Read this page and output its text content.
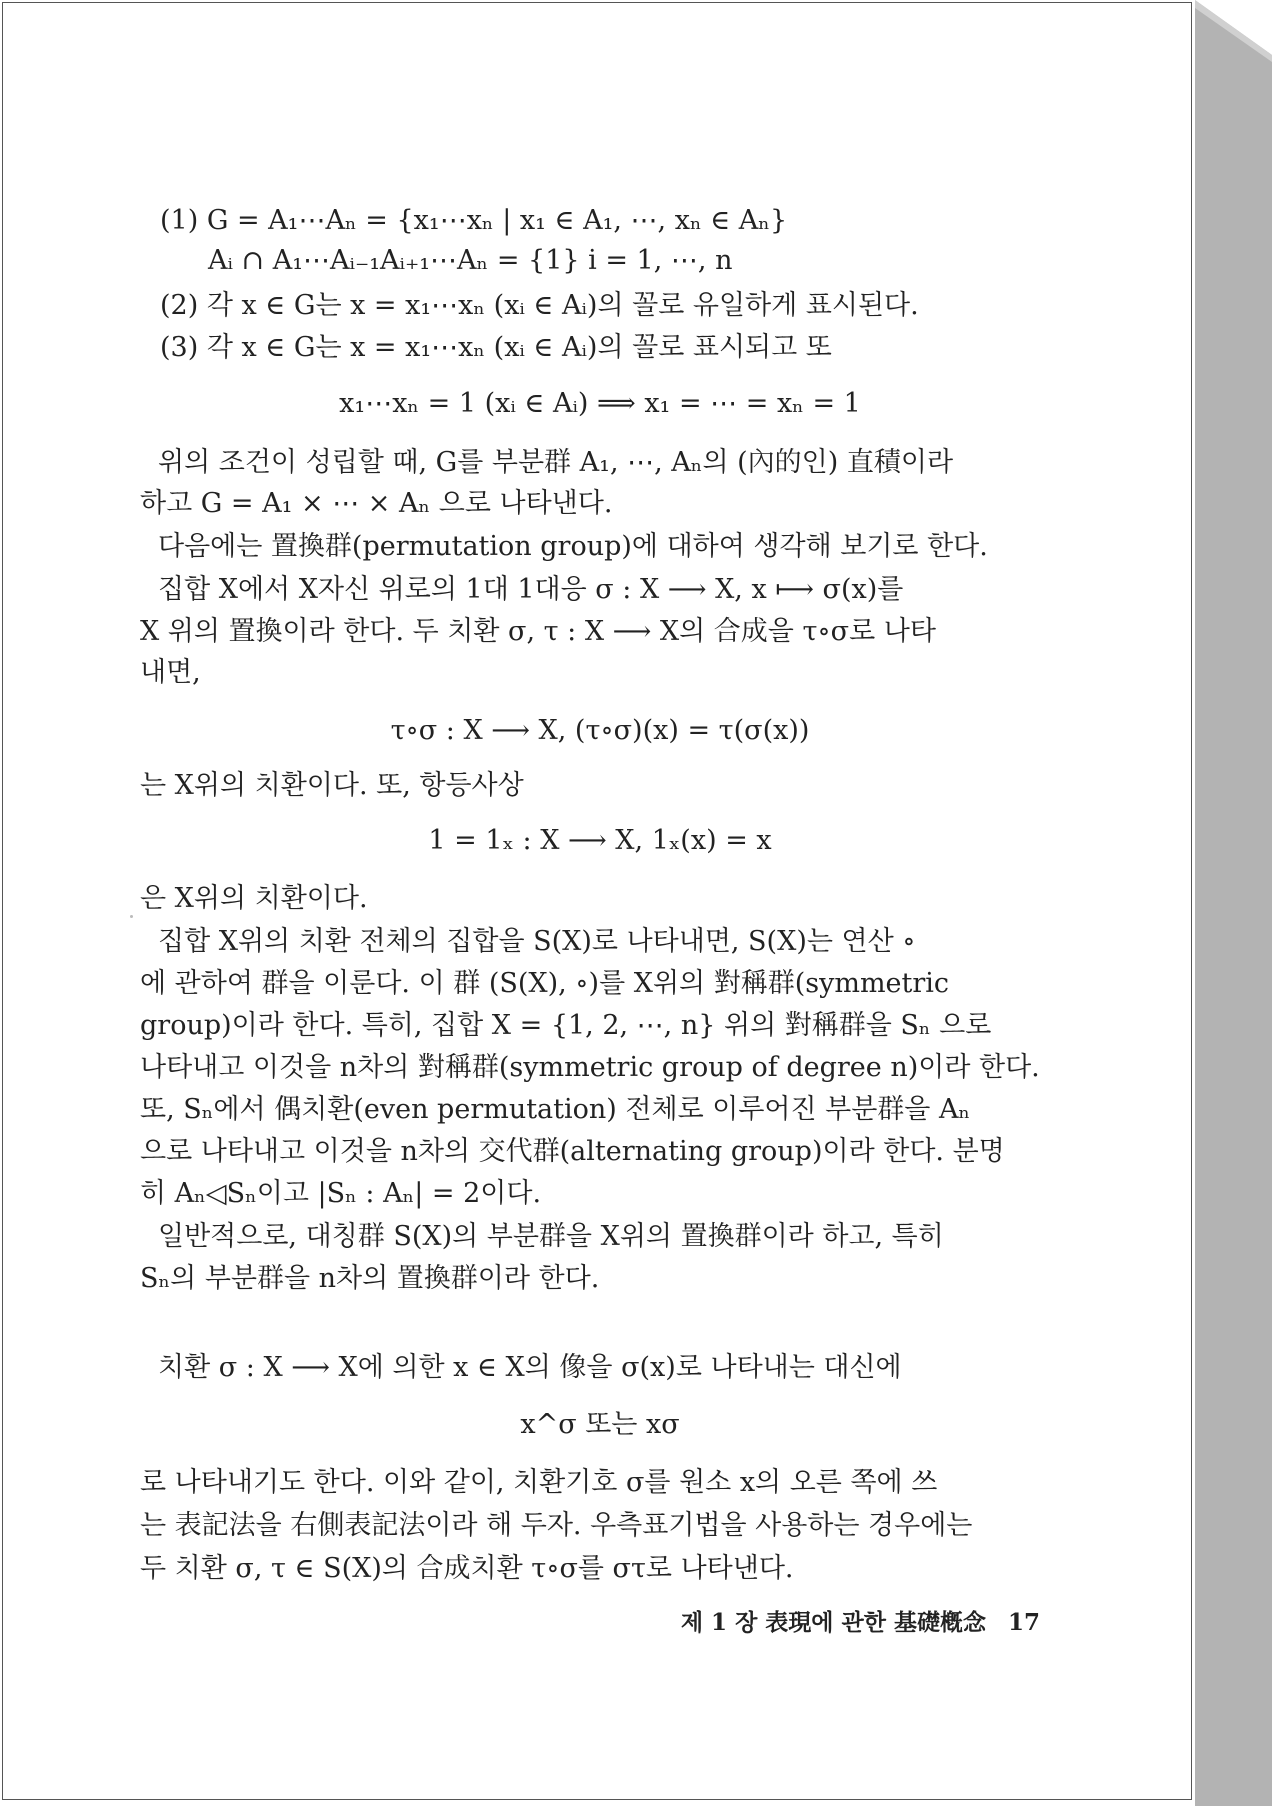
(1) G = A₁⋯Aₙ = {x₁⋯xₙ | x₁ ∈ A₁, ⋯, xₙ ∈ Aₙ}
Aᵢ ∩ A₁⋯Aᵢ₋₁Aᵢ₊₁⋯Aₙ = {1} i = 1, ⋯, n
(2) 각 x ∈ G는 x = x₁⋯xₙ (xᵢ ∈ Aᵢ)의 꼴로 유일하게 표시된다.
(3) 각 x ∈ G는 x = x₁⋯xₙ (xᵢ ∈ Aᵢ)의 꼴로 표시되고 또
x₁⋯xₙ = 1 (xᵢ ∈ Aᵢ) ⟹ x₁ = ⋯ = xₙ = 1
위의 조건이 성립할 때, G를 부분群 A₁, ⋯, Aₙ의 (內的인) 直積이라
하고 G = A₁ × ⋯ × Aₙ 으로 나타낸다.
다음에는 置換群(permutation group)에 대하여 생각해 보기로 한다.
집합 X에서 X자신 위로의 1대 1대응 σ : X ⟶ X, x ⟼ σ(x)를
X 위의 置換이라 한다. 두 치환 σ, τ : X ⟶ X의 合成을 τ∘σ로 나타
내면,
τ∘σ : X ⟶ X, (τ∘σ)(x) = τ(σ(x))
는 X위의 치환이다. 또, 항등사상
1 = 1ₓ : X ⟶ X, 1ₓ(x) = x
은 X위의 치환이다.
집합 X위의 치환 전체의 집합을 S(X)로 나타내면, S(X)는 연산 ∘
에 관하여 群을 이룬다. 이 群 (S(X), ∘)를 X위의 對稱群(symmetric
group)이라 한다. 특히, 집합 X = {1, 2, ⋯, n} 위의 對稱群을 Sₙ 으로
나타내고 이것을 n차의 對稱群(symmetric group of degree n)이라 한다.
또, Sₙ에서 偶치환(even permutation) 전체로 이루어진 부분群을 Aₙ
으로 나타내고 이것을 n차의 交代群(alternating group)이라 한다. 분명
히 Aₙ◁Sₙ이고 |Sₙ : Aₙ| = 2이다.
일반적으로, 대칭群 S(X)의 부분群을 X위의 置換群이라 하고, 특히
Sₙ의 부분群을 n차의 置換群이라 한다.
치환 σ : X ⟶ X에 의한 x ∈ X의 像을 σ(x)로 나타내는 대신에
x^σ 또는 xσ
로 나타내기도 한다. 이와 같이, 치환기호 σ를 원소 x의 오른 쪽에 쓰
는 表記法을 右側表記法이라 해 두자. 우측표기법을 사용하는 경우에는
두 치환 σ, τ ∈ S(X)의 合成치환 τ∘σ를 στ로 나타낸다.
제 1 장 表現에 관한 基礎槪念 17
